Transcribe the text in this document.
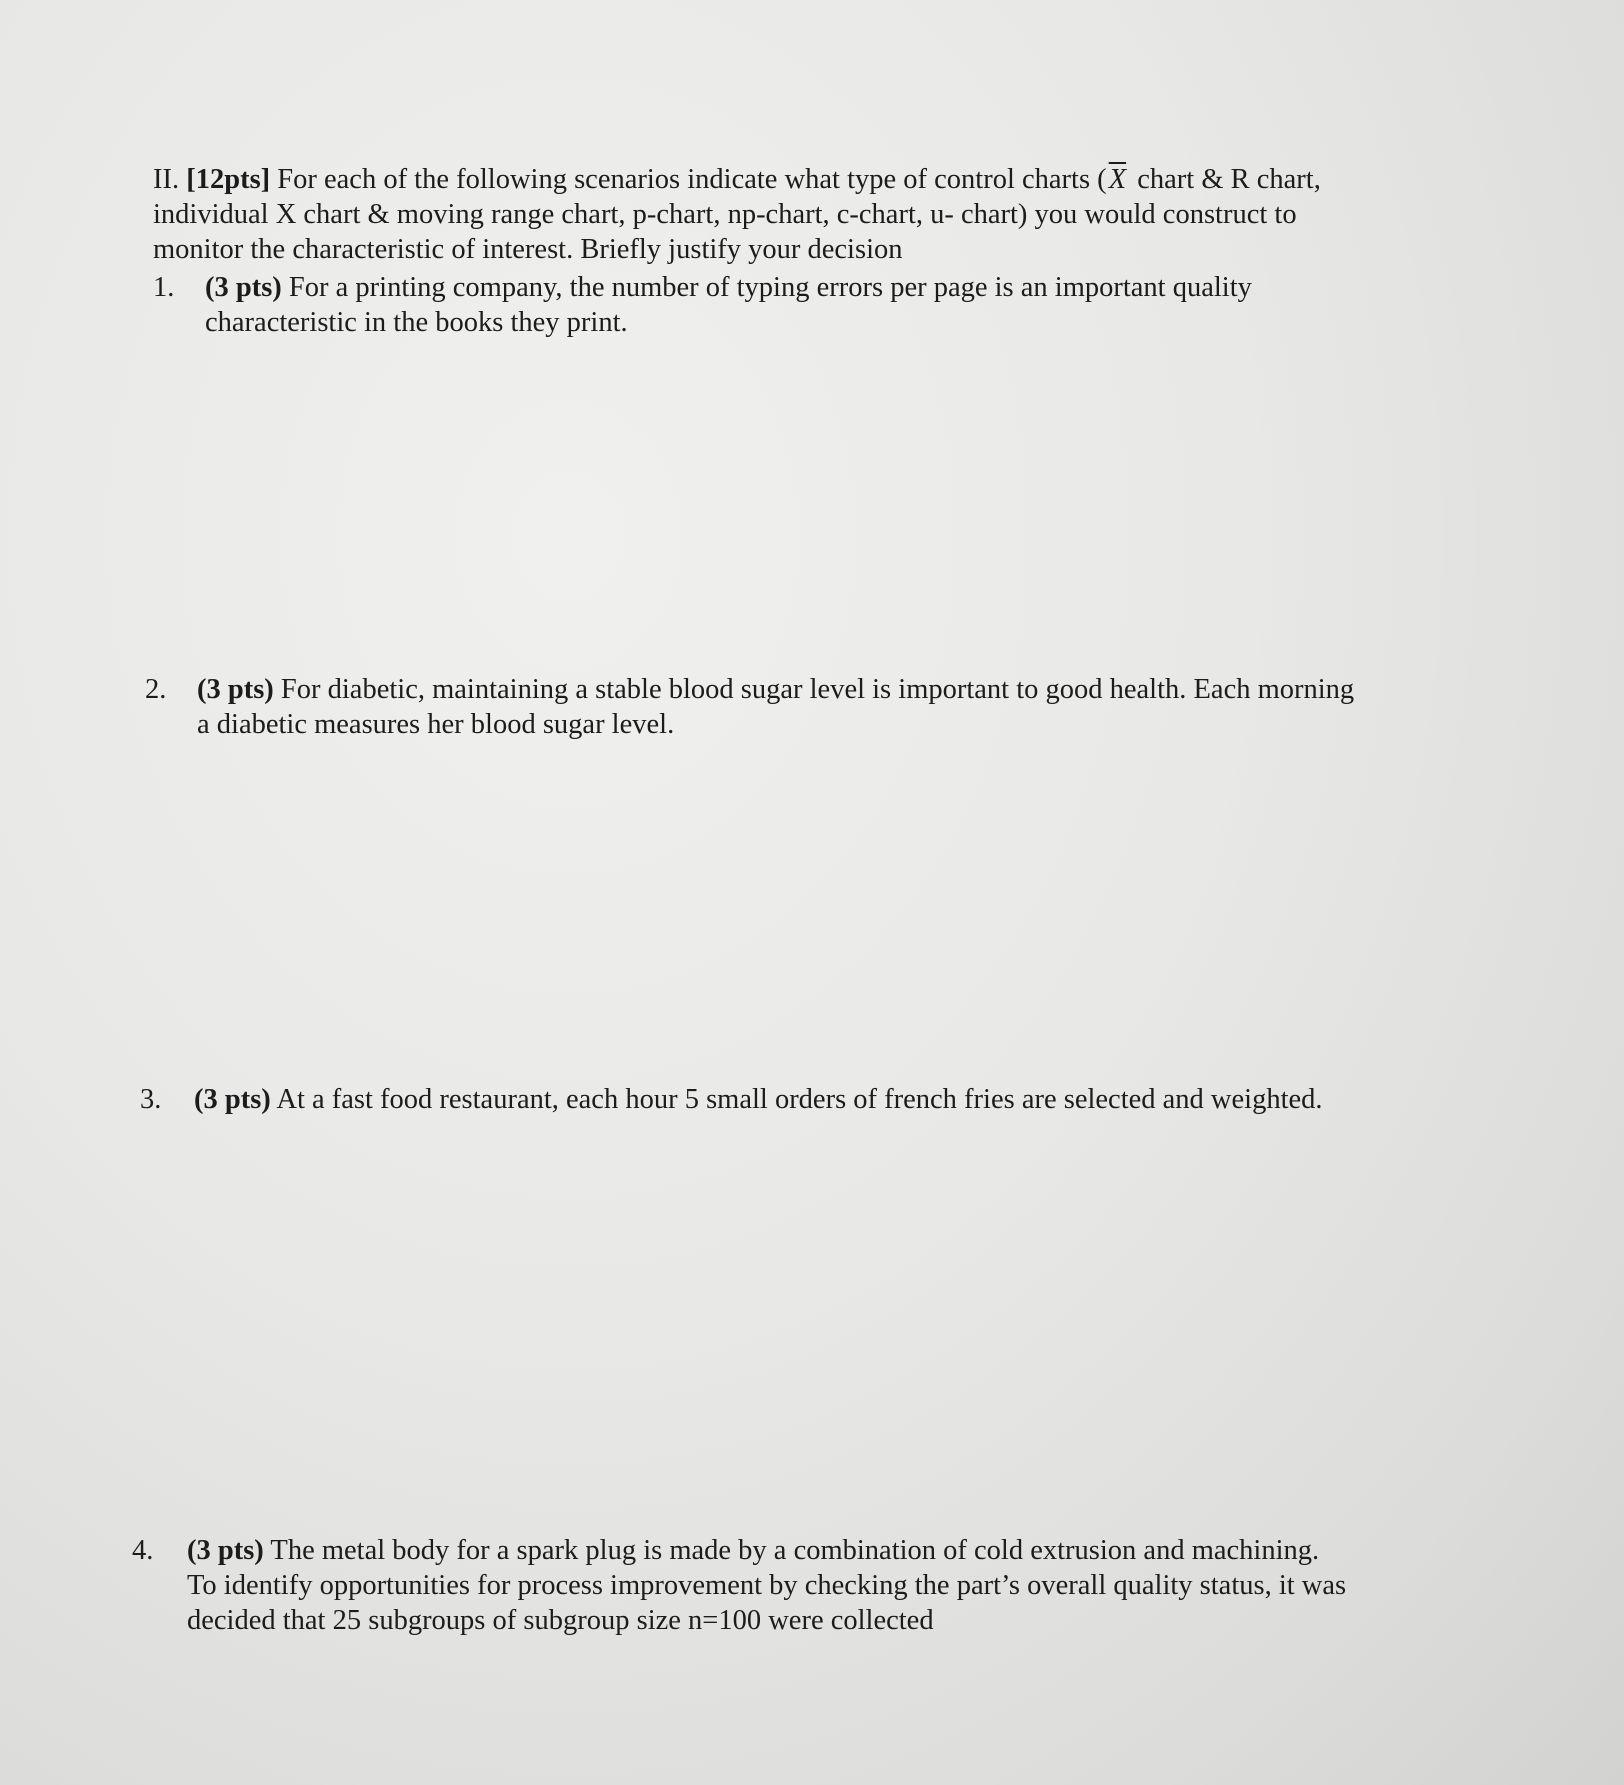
II. [12pts] For each of the following scenarios indicate what type of control charts ($\overline{X}$ chart & R chart,
individual X chart & moving range chart, p-chart, np-chart, c-chart, u- chart) you would construct to
monitor the characteristic of interest. Briefly justify your decision
1. (3 pts) For a printing company, the number of typing errors per page is an important quality
characteristic in the books they print.
2. (3 pts) For diabetic, maintaining a stable blood sugar level is important to good health. Each morning
a diabetic measures her blood sugar level.
3. (3 pts) At a fast food restaurant, each hour 5 small orders of french fries are selected and weighted.
4. (3 pts) The metal body for a spark plug is made by a combination of cold extrusion and machining.
To identify opportunities for process improvement by checking the part’s overall quality status, it was
decided that 25 subgroups of subgroup size n=100 were collected
